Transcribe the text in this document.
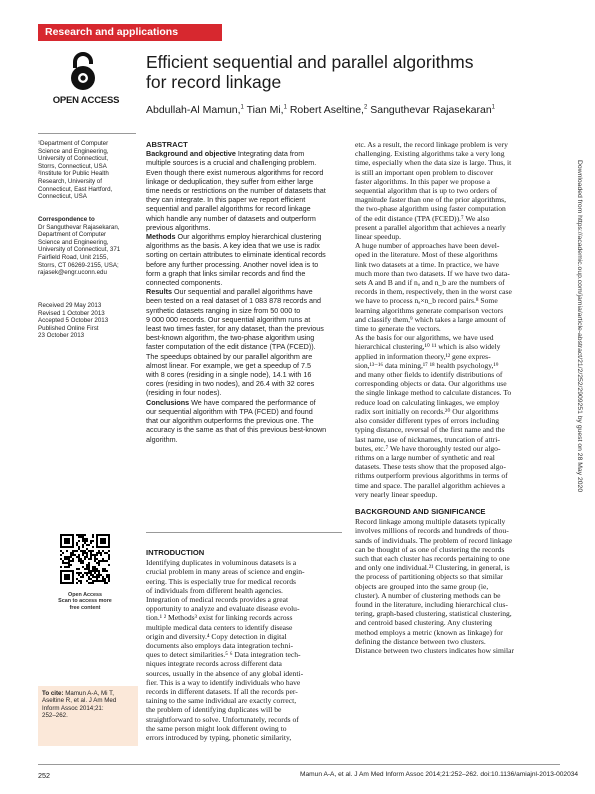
Research and applications
OPEN ACCESS
Efficient sequential and parallel algorithms
for record linkage
Abdullah-Al Mamun,$^1$ Tian Mi,$^1$ Robert Aseltine,$^2$ Sanguthevar Rajasekaran$^1$
¹Department of Computer
Science and Engineering,
University of Connecticut,
Storrs, Connecticut, USA
²Institute for Public Health
Research, University of
Connecticut, East Hartford,
Connecticut, USA
Correspondence to
Dr Sanguthevar Rajasekaran,
Department of Computer
Science and Engineering,
University of Connecticut, 371
Fairfield Road, Unit 2155,
Storrs, CT 06269-2155, USA;
rajasek@engr.uconn.edu
Received 29 May 2013
Revised 1 October 2013
Accepted 5 October 2013
Published Online First
23 October 2013
Open Access
Scan to access more
free content
To cite: Mamun A-A, Mi T,
Aseltine R, et al. J Am Med
Inform Assoc 2014;21:
252–262.
ABSTRACT
Background and objective Integrating data from
multiple sources is a crucial and challenging problem.
Even though there exist numerous algorithms for record
linkage or deduplication, they suffer from either large
time needs or restrictions on the number of datasets that
they can integrate. In this paper we report efficient
sequential and parallel algorithms for record linkage
which handle any number of datasets and outperform
previous algorithms.
Methods Our algorithms employ hierarchical clustering
algorithms as the basis. A key idea that we use is radix
sorting on certain attributes to eliminate identical records
before any further processing. Another novel idea is to
form a graph that links similar records and find the
connected components.
Results Our sequential and parallel algorithms have
been tested on a real dataset of 1 083 878 records and
synthetic datasets ranging in size from 50 000 to
9 000 000 records. Our sequential algorithm runs at
least two times faster, for any dataset, than the previous
best-known algorithm, the two-phase algorithm using
faster computation of the edit distance (TPA (FCED)).
The speedups obtained by our parallel algorithm are
almost linear. For example, we get a speedup of 7.5
with 8 cores (residing in a single node), 14.1 with 16
cores (residing in two nodes), and 26.4 with 32 cores
(residing in four nodes).
Conclusions We have compared the performance of
our sequential algorithm with TPA (FCED) and found
that our algorithm outperforms the previous one. The
accuracy is the same as that of this previous best-known
algorithm.
INTRODUCTION
Identifying duplicates in voluminous datasets is a
crucial problem in many areas of science and engin-
eering. This is especially true for medical records
of individuals from different health agencies.
Integration of medical records provides a great
opportunity to analyze and evaluate disease evolu-
tion.¹ ² Methods³ exist for linking records across
multiple medical data centers to identify disease
origin and diversity.⁴ Copy detection in digital
documents also employs data integration techni-
ques to detect similarities.⁵ ⁶ Data integration tech-
niques integrate records across different data
sources, usually in the absence of any global identi-
fier. This is a way to identify individuals who have
records in different datasets. If all the records per-
taining to the same individual are exactly correct,
the problem of identifying duplicates will be
straightforward to solve. Unfortunately, records of
the same person might look different owing to
errors introduced by typing, phonetic similarity,
etc. As a result, the record linkage problem is very
challenging. Existing algorithms take a very long
time, especially when the data size is large. Thus, it
is still an important open problem to discover
faster algorithms. In this paper we propose a
sequential algorithm that is up to two orders of
magnitude faster than one of the prior algorithms,
the two-phase algorithm using faster computation
of the edit distance (TPA (FCED)).⁷ We also
present a parallel algorithm that achieves a nearly
linear speedup.
A huge number of approaches have been devel-
oped in the literature. Most of these algorithms
link two datasets at a time. In practice, we have
much more than two datasets. If we have two data-
sets A and B and if nₐ and n_b are the numbers of
records in them, respectively, then in the worst case
we have to process nₐ×n_b record pairs.⁸ Some
learning algorithms generate comparison vectors
and classify them,⁹ which takes a large amount of
time to generate the vectors.
As the basis for our algorithms, we have used
hierarchical clustering,¹⁰ ¹¹ which is also widely
applied in information theory,¹² gene expres-
sion,¹³⁻¹⁶ data mining,¹⁷ ¹⁸ health psychology,¹⁹
and many other fields to identify distributions of
corresponding objects or data. Our algorithms use
the single linkage method to calculate distances. To
reduce load on calculating linkages, we employ
radix sort initially on records.²⁰ Our algorithms
also consider different types of errors including
typing distance, reversal of the first name and the
last name, use of nicknames, truncation of attri-
butes, etc.⁷ We have thoroughly tested our algo-
rithms on a large number of synthetic and real
datasets. These tests show that the proposed algo-
rithms outperform previous algorithms in terms of
time and space. The parallel algorithm achieves a
very nearly linear speedup.
BACKGROUND AND SIGNIFICANCE
Record linkage among multiple datasets typically
involves millions of records and hundreds of thou-
sands of individuals. The problem of record linkage
can be thought of as one of clustering the records
such that each cluster has records pertaining to one
and only one individual.²¹ Clustering, in general, is
the process of partitioning objects so that similar
objects are grouped into the same group (ie,
cluster). A number of clustering methods can be
found in the literature, including hierarchical clus-
tering, graph-based clustering, statistical clustering,
and centroid based clustering. Any clustering
method employs a metric (known as linkage) for
defining the distance between two clusters.
Distance between two clusters indicates how similar
Downloaded from https://academic.oup.com/jamia/article-abstract/21/2/252/2909251 by guest on 28 May 2020
252	Mamun A-A, et al. J Am Med Inform Assoc 2014;21:252–262. doi:10.1136/amiajnl-2013-002034
